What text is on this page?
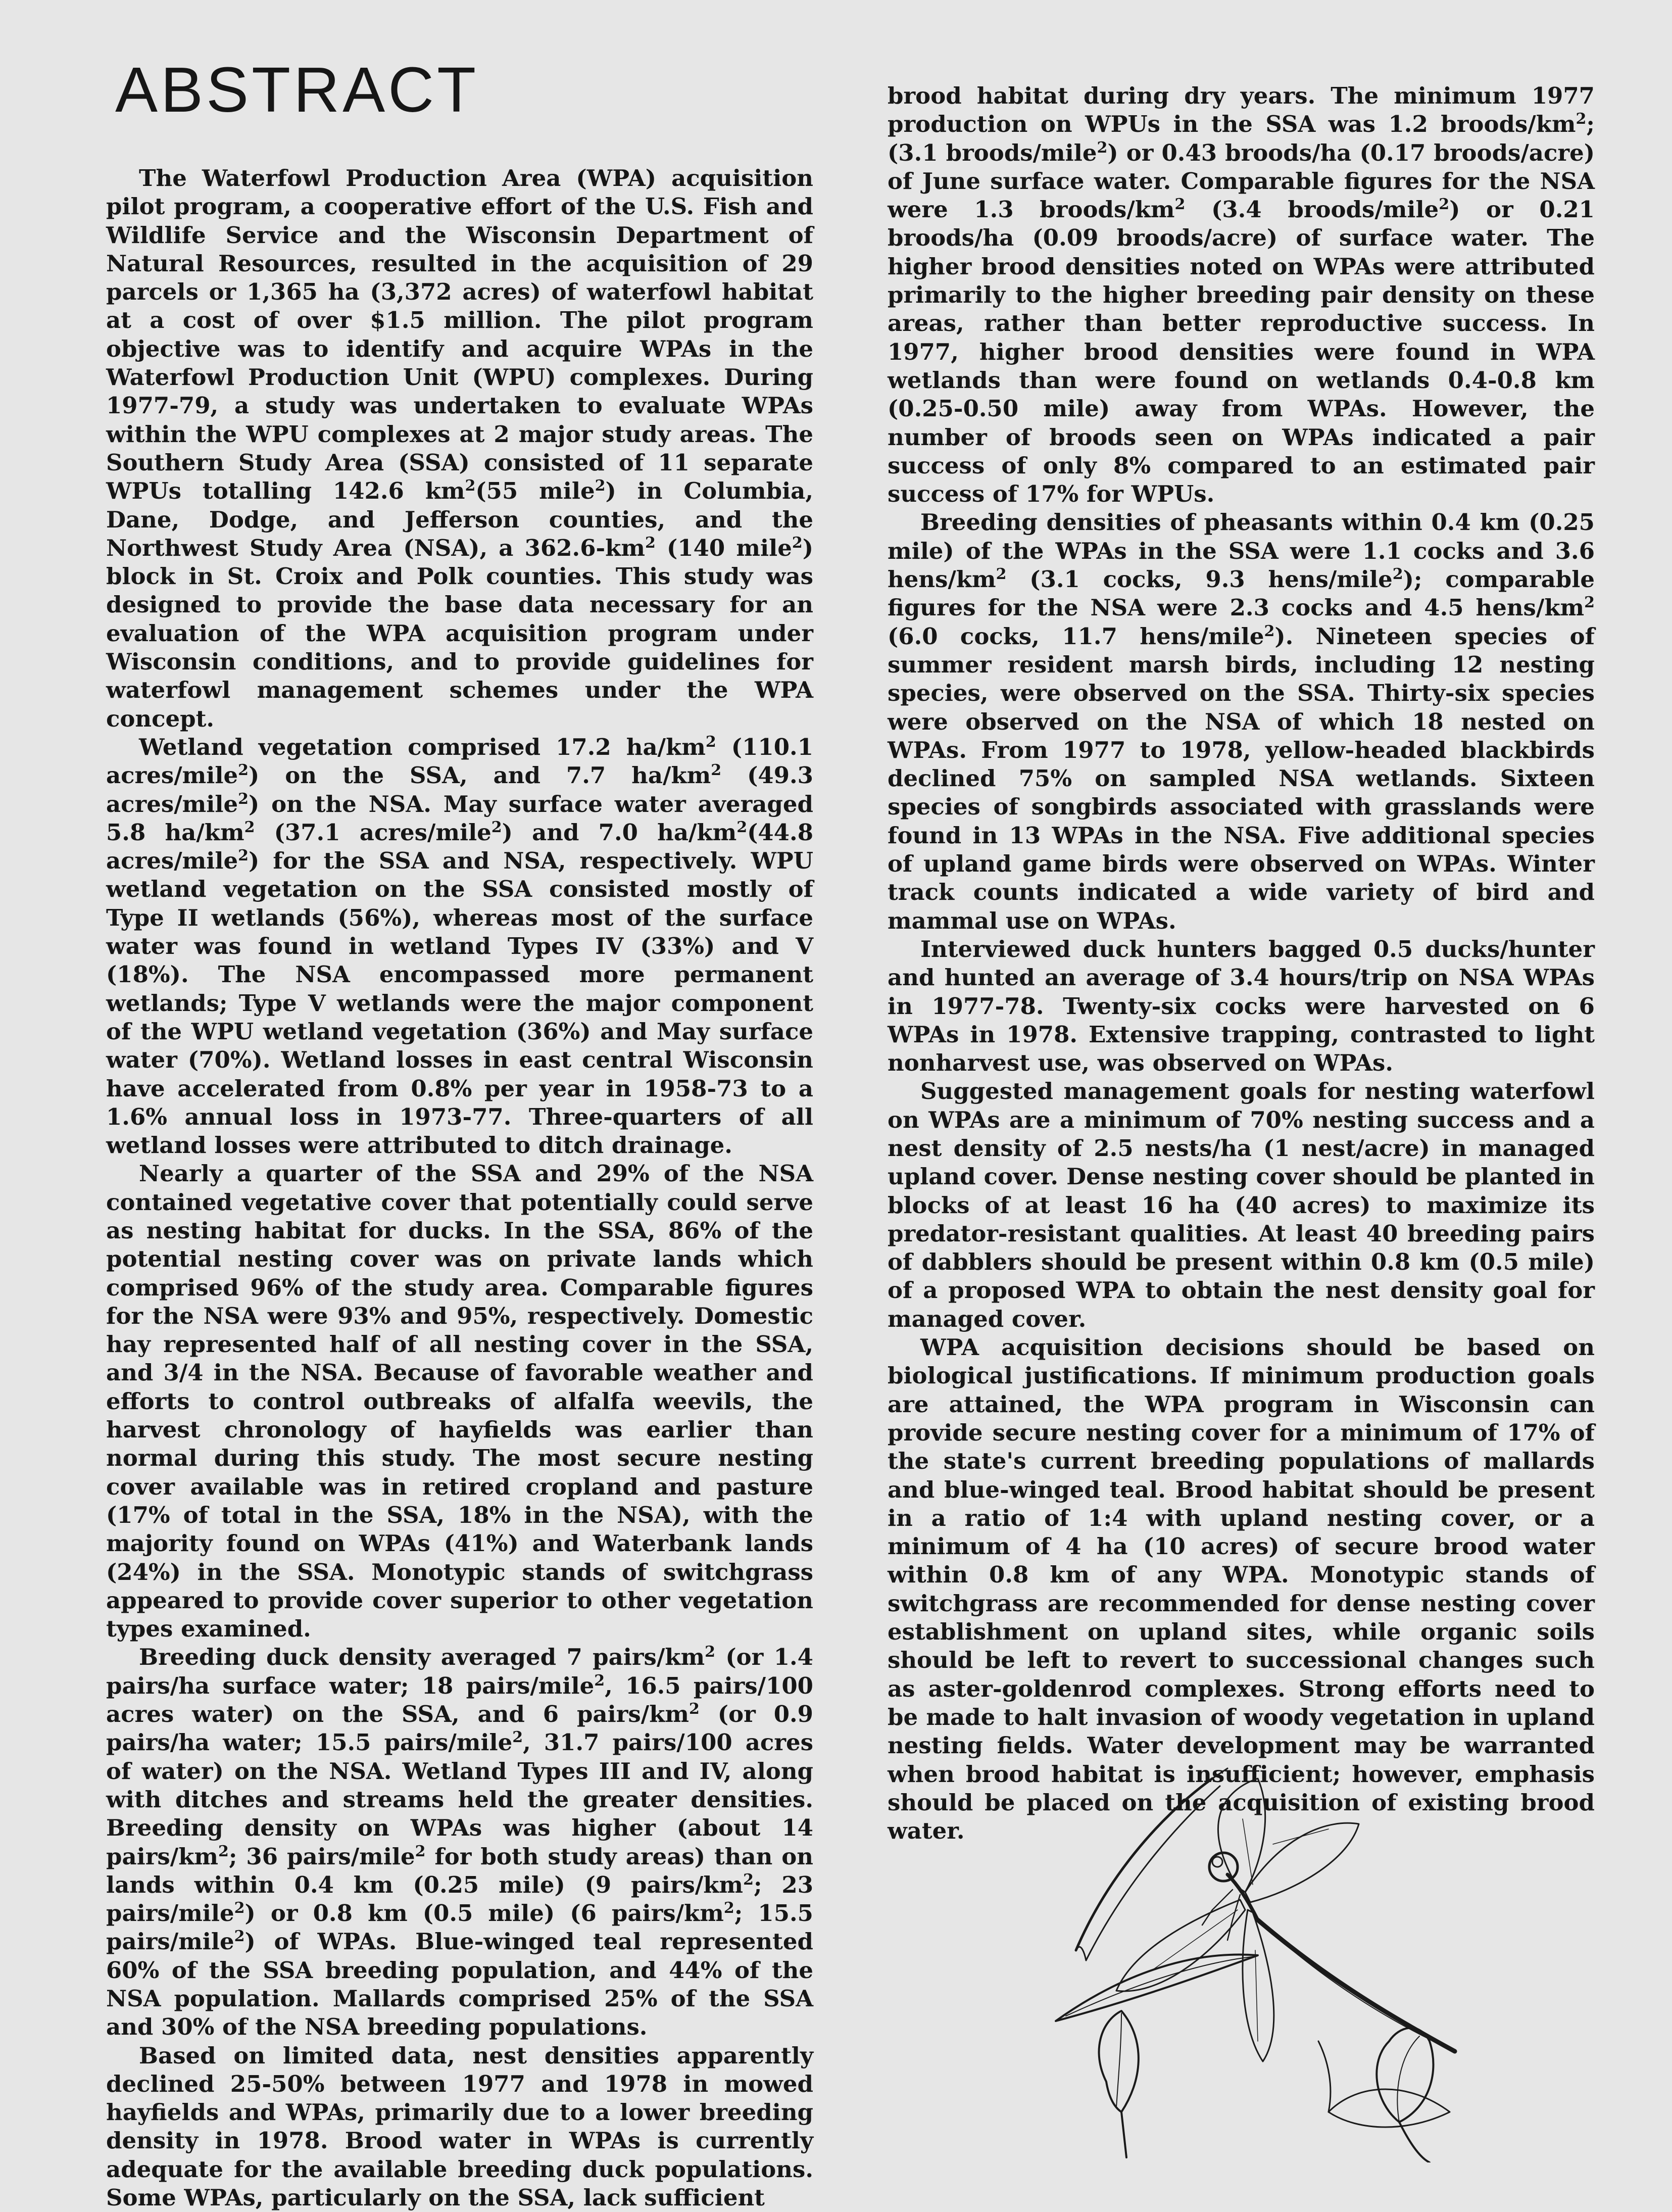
ABSTRACT

The Waterfowl Production Area (WPA) acquisition pilot program, a cooperative effort of the U.S. Fish and Wildlife Service and the Wisconsin Department of Natural Resources, resulted in the acquisition of 29 parcels or 1,365 ha (3,372 acres) of waterfowl habitat at a cost of over $1.5 million. The pilot program objective was to identify and acquire WPAs in the Waterfowl Production Unit (WPU) complexes. During 1977-79, a study was undertaken to evaluate WPAs within the WPU complexes at 2 major study areas. The Southern Study Area (SSA) consisted of 11 separate WPUs totalling 142.6 $km^2(55$ mile$^2$) in Columbia, Dane, Dodge, and Jefferson counties, and the Northwest Study Area (NSA), a $362.6-km^2$ (140 mile$^2$) block in St. Croix and Polk counties. This study was designed to provide the base data necessary for an evaluation of the WPA acquisition program under Wisconsin conditions, and to provide guidelines for waterfowl management schemes under the WPA concept.

Wetland vegetation comprised 17.2 $ha/km^2$ (110.1 acres/mile$^2$) on the SSA, and 7.7 $ha/km^2$ (49.3 acres/mile$^2$) on the NSA. May surface water averaged 5.8 $ha/km^2$ (37.1 acres/mile$^2$) and 7.0 $ha/km^2(44.8$ acres/mile$^2$) for the SSA and NSA, respectively. WPU wetland vegetation on the SSA consisted mostly of Type II wetlands (56%), whereas most of the surface water was found in wetland Types IV (33%) and V (18%). The NSA encompassed more permanent wetlands; Type V wetlands were the major component of the WPU wetland vegetation (36%) and May surface water (70%). Wetland losses in east central Wisconsin have accelerated from 0.8% per year in 1958-73 to a 1.6% annual loss in 1973-77. Three-quarters of all wetland losses were attributed to ditch drainage.

Nearly a quarter of the SSA and 29% of the NSA contained vegetative cover that potentially could serve as nesting habitat for ducks. In the SSA, 86% of the potential nesting cover was on private lands which comprised 96% of the study area. Comparable figures for the NSA were 93% and 95%, respectively. Domestic hay represented half of all nesting cover in the SSA, and 3/4 in the NSA. Because of favorable weather and efforts to control outbreaks of alfalfa weevils, the harvest chronology of hayfields was earlier than normal during this study. The most secure nesting cover available was in retired cropland and pasture (17% of total in the SSA, 18% in the NSA), with the majority found on WPAs (41%) and Waterbank lands (24%) in the SSA. Monotypic stands of switchgrass appeared to provide cover superior to other vegetation types examined.

Breeding duck density averaged 7 pairs/$km^2$ (or 1.4 pairs/ha surface water; 18 pairs/mile$^2$, 16.5 pairs/100 acres water) on the SSA, and 6 pairs/$km^2$ (or 0.9 pairs/ha water; 15.5 pairs/mile$^2$, 31.7 pairs/100 acres of water) on the NSA. Wetland Types III and IV, along with ditches and streams held the greater densities. Breeding density on WPAs was higher (about 14 pairs/$km^2$; 36 pairs/mile$^2$ for both study areas) than on lands within 0.4 km (0.25 mile) (9 pairs/$km^2$; 23 pairs/mile$^2$) or 0.8 km (0.5 mile) (6 pairs/$km^2$; 15.5 pairs/mile$^2$) of WPAs. Blue-winged teal represented 60% of the SSA breeding population, and 44% of the NSA population. Mallards comprised 25% of the SSA and 30% of the NSA breeding populations.

Based on limited data, nest densities apparently declined 25-50% between 1977 and 1978 in mowed hayfields and WPAs, primarily due to a lower breeding density in 1978. Brood water in WPAs is currently adequate for the available breeding duck populations. Some WPAs, particularly on the SSA, lack sufficient

brood habitat during dry years. The minimum 1977 production on WPUs in the SSA was 1.2 broods/$km^2$; (3.1 broods/mile$^2$) or 0.43 broods/ha (0.17 broods/acre) of June surface water. Comparable figures for the NSA were 1.3 broods/$km^2$ (3.4 broods/mile$^2$) or 0.21 broods/ha (0.09 broods/acre) of surface water. The higher brood densities noted on WPAs were attributed primarily to the higher breeding pair density on these areas, rather than better reproductive success. In 1977, higher brood densities were found in WPA wetlands than were found on wetlands 0.4-0.8 km (0.25-0.50 mile) away from WPAs. However, the number of broods seen on WPAs indicated a pair success of only 8% compared to an estimated pair success of 17% for WPUs.

Breeding densities of pheasants within 0.4 km (0.25 mile) of the WPAs in the SSA were 1.1 cocks and 3.6 hens/$km^2$ (3.1 cocks, 9.3 hens/mile$^2$); comparable figures for the NSA were 2.3 cocks and 4.5 hens/$km^2$ (6.0 cocks, 11.7 hens/mile$^2$). Nineteen species of summer resident marsh birds, including 12 nesting species, were observed on the SSA. Thirty-six species were observed on the NSA of which 18 nested on WPAs. From 1977 to 1978, yellow-headed blackbirds declined 75% on sampled NSA wetlands. Sixteen species of songbirds associated with grasslands were found in 13 WPAs in the NSA. Five additional species of upland game birds were observed on WPAs. Winter track counts indicated a wide variety of bird and mammal use on WPAs.

Interviewed duck hunters bagged 0.5 ducks/hunter and hunted an average of 3.4 hours/trip on NSA WPAs in 1977-78. Twenty-six cocks were harvested on 6 WPAs in 1978. Extensive trapping, contrasted to light nonharvest use, was observed on WPAs.

Suggested management goals for nesting waterfowl on WPAs are a minimum of 70% nesting success and a nest density of 2.5 nests/ha (1 nest/acre) in managed upland cover. Dense nesting cover should be planted in blocks of at least 16 ha (40 acres) to maximize its predator-resistant qualities. At least 40 breeding pairs of dabblers should be present within 0.8 km (0.5 mile) of a proposed WPA to obtain the nest density goal for managed cover.

WPA acquisition decisions should be based on biological justifications. If minimum production goals are attained, the WPA program in Wisconsin can provide secure nesting cover for a minimum of 17% of the state's current breeding populations of mallards and blue-winged teal. Brood habitat should be present in a ratio of 1:4 with upland nesting cover, or a minimum of 4 ha (10 acres) of secure brood water within 0.8 km of any WPA. Monotypic stands of switchgrass are recommended for dense nesting cover establishment on upland sites, while organic soils should be left to revert to successional changes such as aster-goldenrod complexes. Strong efforts need to be made to halt invasion of woody vegetation in upland nesting fields. Water development may be warranted when brood habitat is insufficient; however, emphasis should be placed on the acquisition of existing brood water.
